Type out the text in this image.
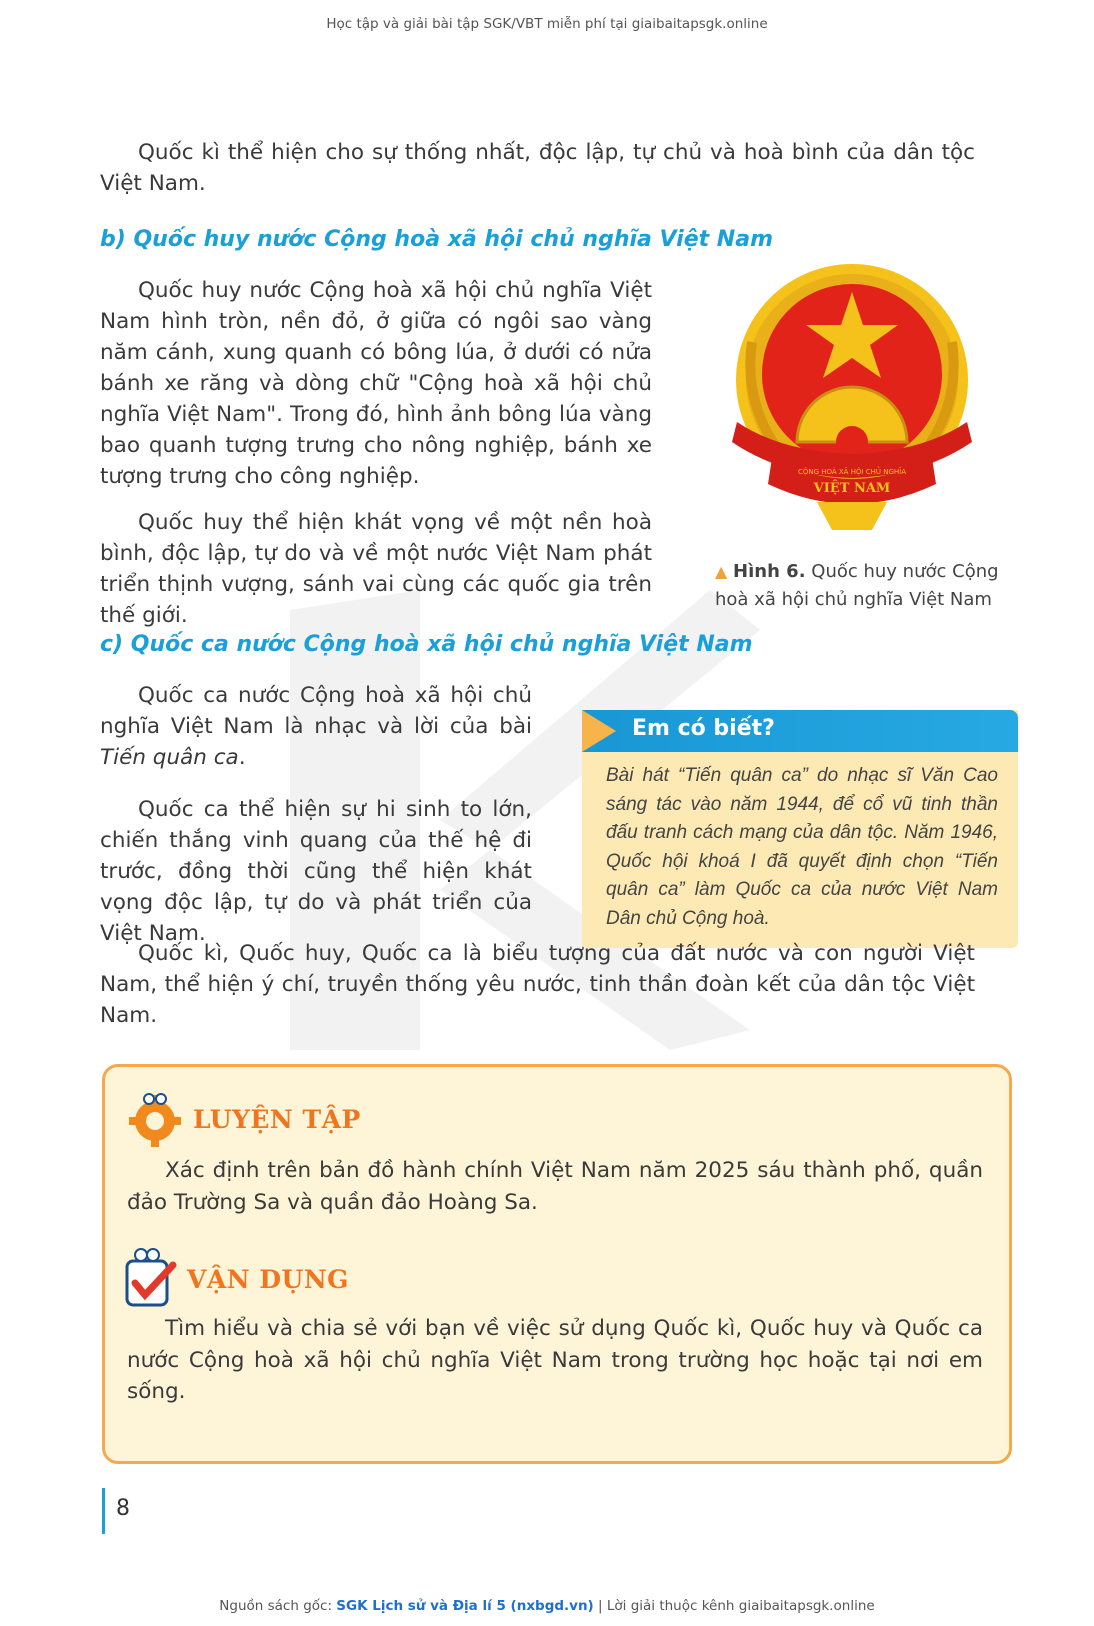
Học tập và giải bài tập SGK/VBT miễn phí tại giaibaitapsgk.online
Quốc kì thể hiện cho sự thống nhất, độc lập, tự chủ và hoà bình của dân tộc Việt Nam.
b) Quốc huy nước Cộng hoà xã hội chủ nghĩa Việt Nam
Quốc huy nước Cộng hoà xã hội chủ nghĩa Việt Nam hình tròn, nền đỏ, ở giữa có ngôi sao vàng năm cánh, xung quanh có bông lúa, ở dưới có nửa bánh xe răng và dòng chữ "Cộng hoà xã hội chủ nghĩa Việt Nam". Trong đó, hình ảnh bông lúa vàng bao quanh tượng trưng cho nông nghiệp, bánh xe tượng trưng cho công nghiệp.
Quốc huy thể hiện khát vọng về một nền hoà bình, độc lập, tự do và về một nước Việt Nam phát triển thịnh vượng, sánh vai cùng các quốc gia trên thế giới.
CỘNG HOÀ XÃ HỘI CHỦ NGHĨA
VIỆT NAM
▲ Hình 6. Quốc huy nước Cộng hoà xã hội chủ nghĩa Việt Nam
c) Quốc ca nước Cộng hoà xã hội chủ nghĩa Việt Nam
Quốc ca nước Cộng hoà xã hội chủ nghĩa Việt Nam là nhạc và lời của bài Tiến quân ca.
Quốc ca thể hiện sự hi sinh to lớn, chiến thắng vinh quang của thế hệ đi trước, đồng thời cũng thể hiện khát vọng độc lập, tự do và phát triển của Việt Nam.
Em có biết?
Bài hát “Tiến quân ca” do nhạc sĩ Văn Cao sáng tác vào năm 1944, để cổ vũ tinh thần đấu tranh cách mạng của dân tộc. Năm 1946, Quốc hội khoá I đã quyết định chọn “Tiến quân ca” làm Quốc ca của nước Việt Nam Dân chủ Cộng hoà.
Quốc kì, Quốc huy, Quốc ca là biểu tượng của đất nước và con người Việt Nam, thể hiện ý chí, truyền thống yêu nước, tinh thần đoàn kết của dân tộc Việt Nam.
LUYỆN TẬP
Xác định trên bản đồ hành chính Việt Nam năm 2025 sáu thành phố, quần đảo Trường Sa và quần đảo Hoàng Sa.
VẬN DỤNG
Tìm hiểu và chia sẻ với bạn về việc sử dụng Quốc kì, Quốc huy và Quốc ca nước Cộng hoà xã hội chủ nghĩa Việt Nam trong trường học hoặc tại nơi em sống.
8
Nguồn sách gốc: SGK Lịch sử và Địa lí 5 (nxbgd.vn) | Lời giải thuộc kênh giaibaitapsgk.online
